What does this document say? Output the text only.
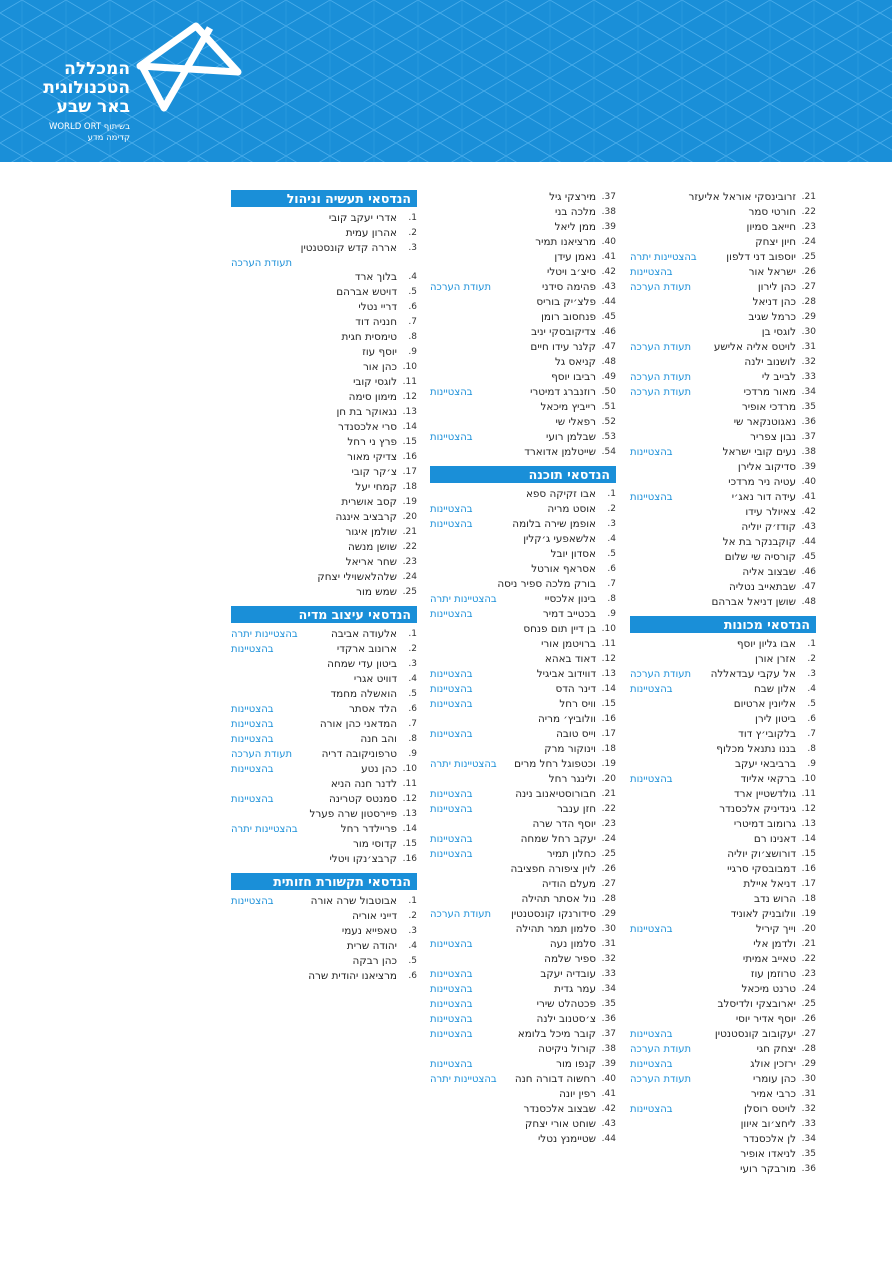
המכללה
הטכנולוגית
באר שבע
בשיתוף WORLD ORT
קדימה מדע
21.
זרובינסקי אוראל אליעזר
22.
חורטי סמר
23.
חייאב סמיון
24.
חיון יצחק
25.
יוספוב דני דלפון
בהצטיינות יתרה
26.
ישראל אור
בהצטיינות
27.
כהן לירון
תעודת הערכה
28.
כהן דניאל
29.
כרמל שגיב
30.
לוגסי בן
31.
לויטס אליה אלישע
תעודת הערכה
32.
לושנוב ילנה
33.
לבייב לי
תעודת הערכה
34.
מאור מרדכי
תעודת הערכה
35.
מרדכי אופיר
36.
נאגוטנקאר שי
37.
נבון צפריר
38.
נעים קובי ישראל
בהצטיינות
39.
סדיקוב אלירן
40.
עטיה ניר מרדכי
41.
עידה דור נאג׳י
בהצטיינות
42.
צאיולר עידו
43.
קודז׳ק יוליה
44.
קוקבנקר בת אל
45.
קורסיה שי שלום
46.
שבצוב אליה
47.
שבתאייב נטליה
48.
שושן דניאל אברהם
הנדסאי מכונות
1.
אבו גליון יוסף
2.
אזרן אורן
3.
אל עקבי עבדאללה
תעודת הערכה
4.
אלון שבח
בהצטיינות
5.
אליונין ארטיום
6.
ביטון לירן
7.
בלקובי׳ץ דוד
8.
בננו נתנאל מכלוף
9.
ברביבאי יעקב
10.
ברקאי אליוד
בהצטיינות
11.
גולדשטיין ארד
12.
גינדיניק אלכסנדר
13.
גרומוב דמיטרי
14.
דאנינו רם
15.
דורושצ׳וק יוליה
16.
דמבובסקי סרגיי
17.
דניאל איילת
18.
הרוש נדב
19.
וולובניק לאוניד
20.
וייך קיריל
בהצטיינות
21.
ולדמן אלי
22.
טאייב אמיתי
23.
טרוזמן עוז
24.
טרנט מיכאל
25.
יארובצקי ולדיסלב
26.
יוסף אדיר יוסי
27.
יעקובוב קונסטנטין
בהצטיינות
28.
יצחק חגי
תעודת הערכה
29.
ירזכין אולג
בהצטיינות
30.
כהן עומרי
תעודת הערכה
31.
כרבי אמיר
32.
לויטס רוסלן
בהצטיינות
33.
ליחצ׳וב איוון
34.
לן אלכסנדר
35.
לניאדו אופיר
36.
מורבקר רועי
37.
מירצקי גיל
38.
מלכה בני
39.
ממן ליאל
40.
מרציאנו תמיר
41.
נאמן עידן
42.
סיצ׳ב ויטלי
43.
פהימה סידני
תעודת הערכה
44.
פלצ׳יק בוריס
45.
פנחסוב רומן
46.
צדיקובסקי יניב
47.
קלנר עידו חיים
48.
קניאס גל
49.
רביבו יוסף
50.
רוזנברג דמיטרי
בהצטיינות
51.
רייביץ מיכאל
52.
רפאלי שי
53.
שבלמן רועי
בהצטיינות
54.
שייטלמן אדוארד
הנדסאי תוכנה
1.
אבו זקיקה ספא
2.
אוסט מריה
בהצטיינות
3.
אופמן שירה בלומה
בהצטיינות
4.
אלשאפעי ג׳קלין
5.
אסדון יובל
6.
אסראף אורטל
7.
בורק מלכה ספיר ניסה
8.
בינון אלכסיי
בהצטיינות יתרה
9.
בכטייב דמיר
בהצטיינות
10.
בן דיין תום פנחס
11.
ברויטמן אורי
12.
דאוד באהא
13.
דווידוב אביגיל
בהצטיינות
14.
דינר הדס
בהצטיינות
15.
וויס רחל
בהצטיינות
16.
וולוביץ׳ מריה
17.
וייס טובה
בהצטיינות
18.
וינוקור מרק
19.
וכטפוגל רחל מרים
בהצטיינות יתרה
20.
ולינגר רחל
21.
חבורוסטיאנוב נינה
בהצטיינות
22.
חזן ענבר
בהצטיינות
23.
יוסף הדר שרה
24.
יעקב רחל שמחה
בהצטיינות
25.
כחלון תמיר
בהצטיינות
26.
לוין ציפורה חפציבה
27.
מעלם הודיה
28.
נול אסתר תהילה
29.
סידורנקו קונסטנטין
תעודת הערכה
30.
סלמון תמר תהילה
31.
סלמון נעה
בהצטיינות
32.
ספיר שלמה
33.
עובדיה יעקב
בהצטיינות
34.
עמר גדית
בהצטיינות
35.
פכטהלט שירי
בהצטיינות
36.
צ׳סטנוב ילנה
בהצטיינות
37.
קובר מיכל בלומא
בהצטיינות
38.
קורול ניקיטה
39.
קנפו מור
בהצטיינות
40.
רחשוה דבורה חנה
בהצטיינות יתרה
41.
רפין יונה
42.
שבצוב אלכסנדר
43.
שוחט אורי יצחק
44.
שטיימנץ נטלי
הנדסאי תעשיה וניהול
1.
אדרי יעקב קובי
2.
אהרון עמית
3.
אררה קדש קונסטנטין
תעודת הערכה
4.
בלוך ארד
5.
דויטש אברהם
6.
דריי נטלי
7.
חנניה דוד
8.
טימסית חגית
9.
יוסף עוז
10.
כהן אור
11.
לוגסי קובי
12.
מימון סימה
13.
נגאוקר בת חן
14.
סרי אלכסנדר
15.
פרץ ני רחל
16.
צדיקי מאור
17.
צ׳קר קובי
18.
קמחי יעל
19.
קסב אושרית
20.
קרבציב אינגה
21.
שולמן איגור
22.
שושן מנשה
23.
שחר אריאל
24.
שלהלאשוילי יצחק
25.
שמש מור
הנדסאי עיצוב מדיה
1.
אלעודה אביבה
בהצטיינות יתרה
2.
ארונוב ארקדי
בהצטיינות
3.
ביטון עדי שמחה
4.
דוויט אגרי
5.
הואשלה מחמד
6.
הלד אסתר
בהצטיינות
7.
המדאני כהן אורה
בהצטיינות
8.
והב חנה
בהצטיינות
9.
טרפוניקובה דריה
תעודת הערכה
10.
כהן נטע
בהצטיינות
11.
לדנר חנה הניא
12.
סמנטס קטרינה
בהצטיינות
13.
פיירסטון שרה פערל
14.
פריילדר רחל
בהצטיינות יתרה
15.
קדוסי מור
16.
קרבצ׳נקו ויטלי
הנדסאי תקשורת חזותית
1.
אבוטבול שרה אורה
בהצטיינות
2.
דייני אוריה
3.
טאפייא נעמי
4.
יהודה שרית
5.
כהן רבקה
6.
מרציאנו יהודית שרה
